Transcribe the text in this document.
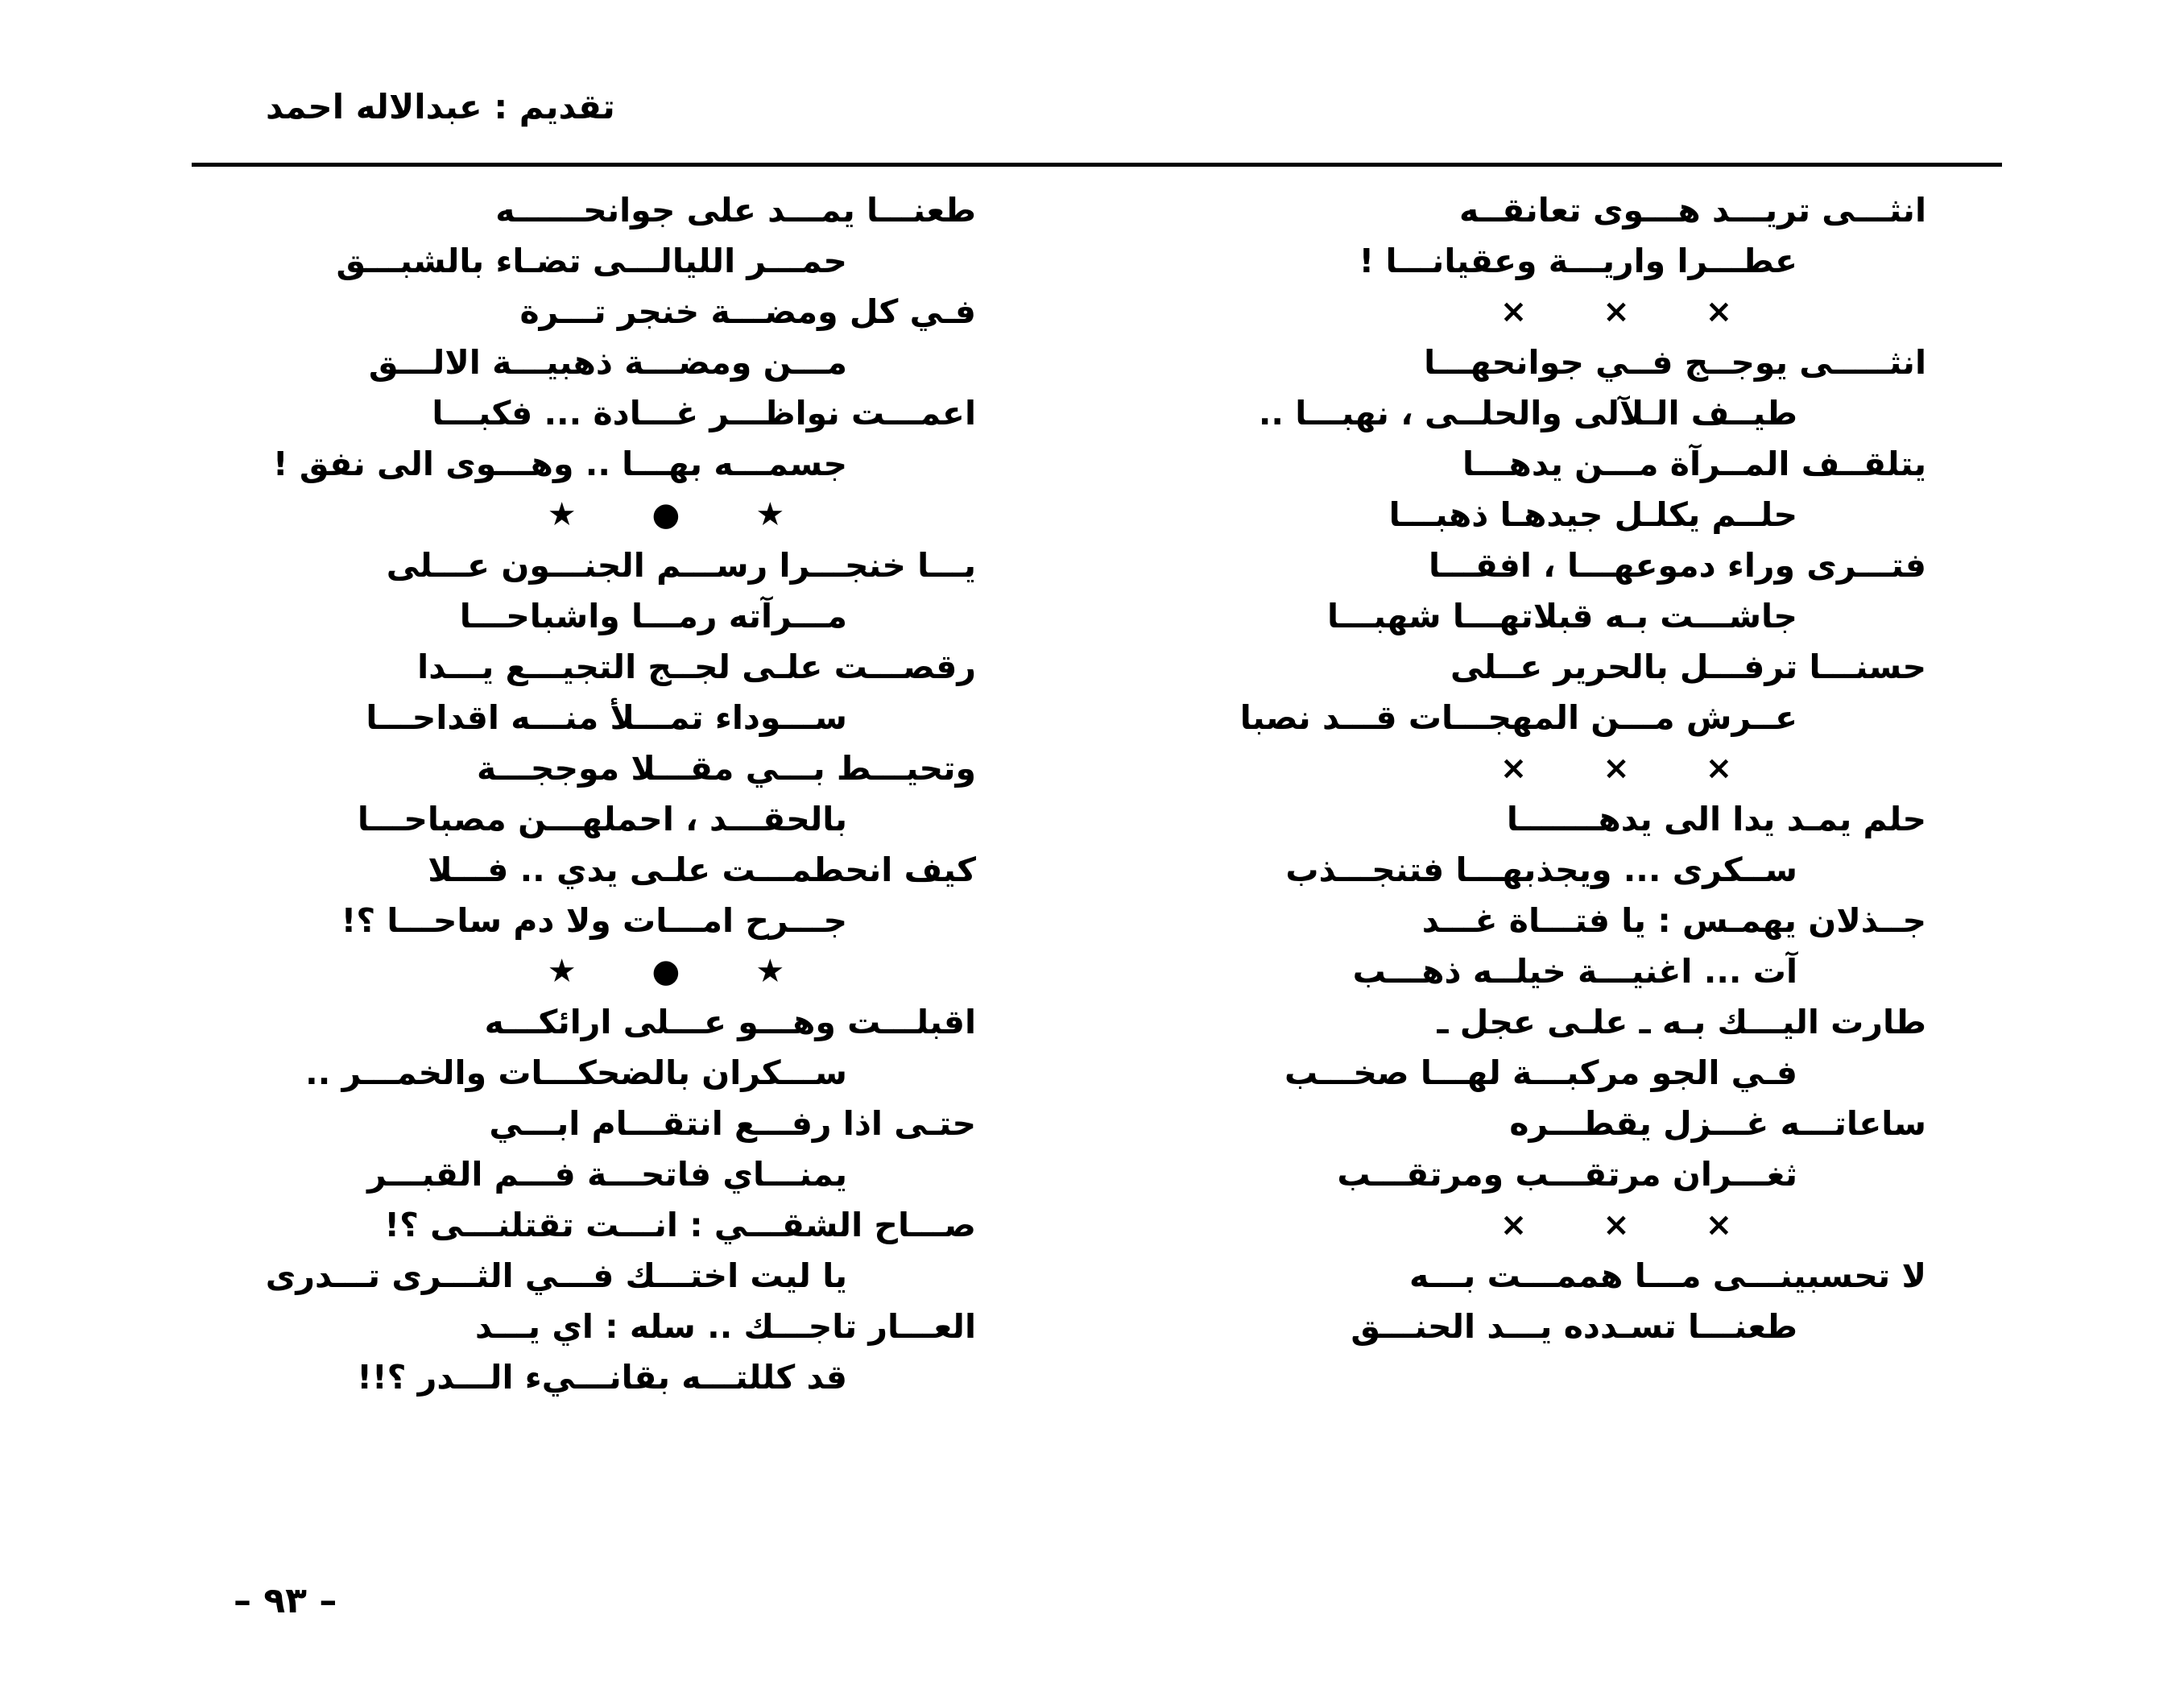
تقديم : عبدالاله احمد
انثـــى تريـــد هـــوى تعانقــه
عطـــرا واريـــة وعقيانـــا !
× × ×
انثـــــى يوجــج فــي جوانحهـــا
طيــف الـلآلى والحلــى ، نهبـــا ..
يتلقــف المــرآة مـــن يدهـــا
حلــم يكلـل جيدهـا ذهبـــا
فتـــرى وراء دموعهـــا ، افقـــا
جاشـــت بـه قبلاتهـــا شهبـــا
حسنـــا ترفـــل بالحرير عــلى
عــرش مـــن المهجـــات قـــد نصبا
× × ×
حلم يمـد يدا الى يدهـــــــا
ســكرى ... ويجذبهـــا فتنجـــذب
جــذلان يهمـس : يا فتـــاة غـــد
آت ... اغنيـــة خيلــه ذهـــب
طارت اليـــك بـه ـ علـى عجل ـ
فـي الجو مركبـــة لهـــا صخـــب
ساعاتـــه غـــزل يقطـــره
ثغـــران مرتقـــب ومرتقـــب
× × ×
لا تحسبينـــى مـــا هممـــت بـــه
طعنـــا تسـدده يـــد الحنـــق
طعنـــا يمـــد على جوانحــــــه
حمـــر الليالـــى تضـاء بالشبـــق
فـي كل ومضـــة خنجر تـــرة
مـــن ومضـــة ذهبيـــة الالـــق
اعمـــت نواظـــر غـــادة ... فكبـــا
جسمـــه بهـــا .. وهـــوى الى نفق !
★ ● ★
يـــا خنجـــرا رســـم الجنـــون عـــلى
مـــرآته رمـــا واشباحـــا
رقصـــت علـى لجــج التجيـــع يـــدا
ســـوداء تمـــلأ منـــه اقداحـــا
وتحيـــط بـــي مقـــلا موججـــة
بالحقـــد ، احملهـــن مصباحـــا
كيف انحطمـــت علـى يدي .. فـــلا
جـــرح امـــات ولا دم ساحـــا ؟!
★ ● ★
اقبلـــت وهـــو عـــلى ارائكـــه
ســـكران بالضحكـــات والخمـــر ..
حتـى اذا رفـــع انتقـــام ابـــي
يمنـــاي فاتحـــة فـــم القبـــر
صـــاح الشقـــي : انـــت تقتلنـــى ؟!
يا ليت اختـــك فـــي الثـــرى تـــدرى
العـــار تاجـــك .. سله : اي يـــد
قد كللتـــه بقانـــيء الـــدر ؟!!
– ٩٣ –
